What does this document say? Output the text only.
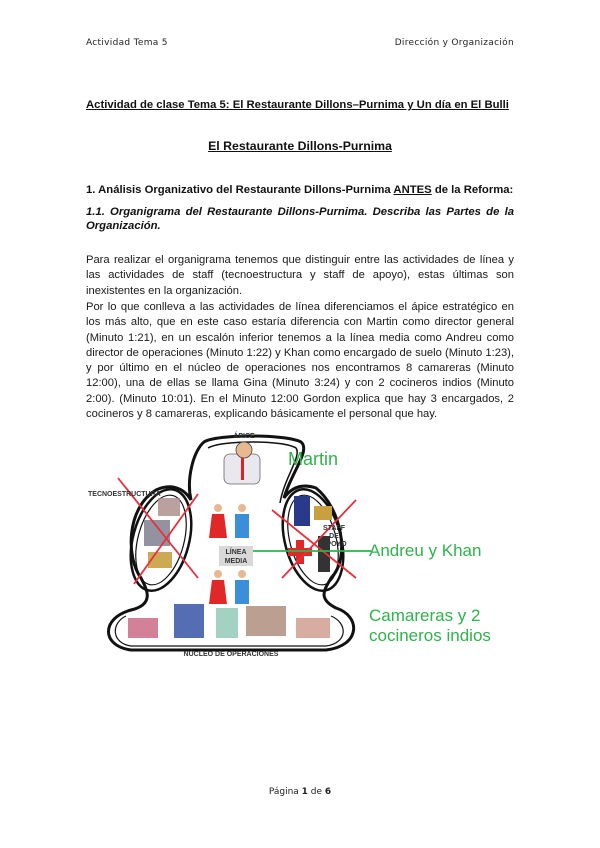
Actividad Tema 5	Dirección y Organización
Actividad de clase Tema 5: El Restaurante Dillons–Purnima y Un día en El Bulli
El Restaurante Dillons-Purnima
1. Análisis Organizativo del Restaurante Dillons-Purnima ANTES de la Reforma:
1.1. Organigrama del Restaurante Dillons-Purnima. Describa las Partes de la Organización.
Para realizar el organigrama tenemos que distinguir entre las actividades de línea y las actividades de staff (tecnoestructura y staff de apoyo), estas últimas son inexistentes en la organización.
Por lo que conlleva a las actividades de línea diferenciamos el ápice estratégico en los más alto, que en este caso estaría diferencia con Martin como director general (Minuto 1:21), en un escalón inferior tenemos a la línea media como Andreu como director de operaciones (Minuto 1:22) y Khan como encargado de suelo (Minuto 1:23), y por último en el núcleo de operaciones nos encontramos 8 camareras (Minuto 12:00), una de ellas se llama Gina (Minuto 3:24) y con 2 cocineros indios (Minuto 2:00). (Minuto 10:01). En el Minuto 12:00 Gordon explica que hay 3 encargados, 2 cocineros y 8 camareras, explicando básicamente el personal que hay.
LÍNEA
MEDIA
ÁPICE
TECNOESTRUCTURA
STAFF
DE
APOYO
NÚCLEO DE OPERACIONES
Martin
Andreu y Khan
Camareras y 2
cocineros indios
Página 1 de 6
